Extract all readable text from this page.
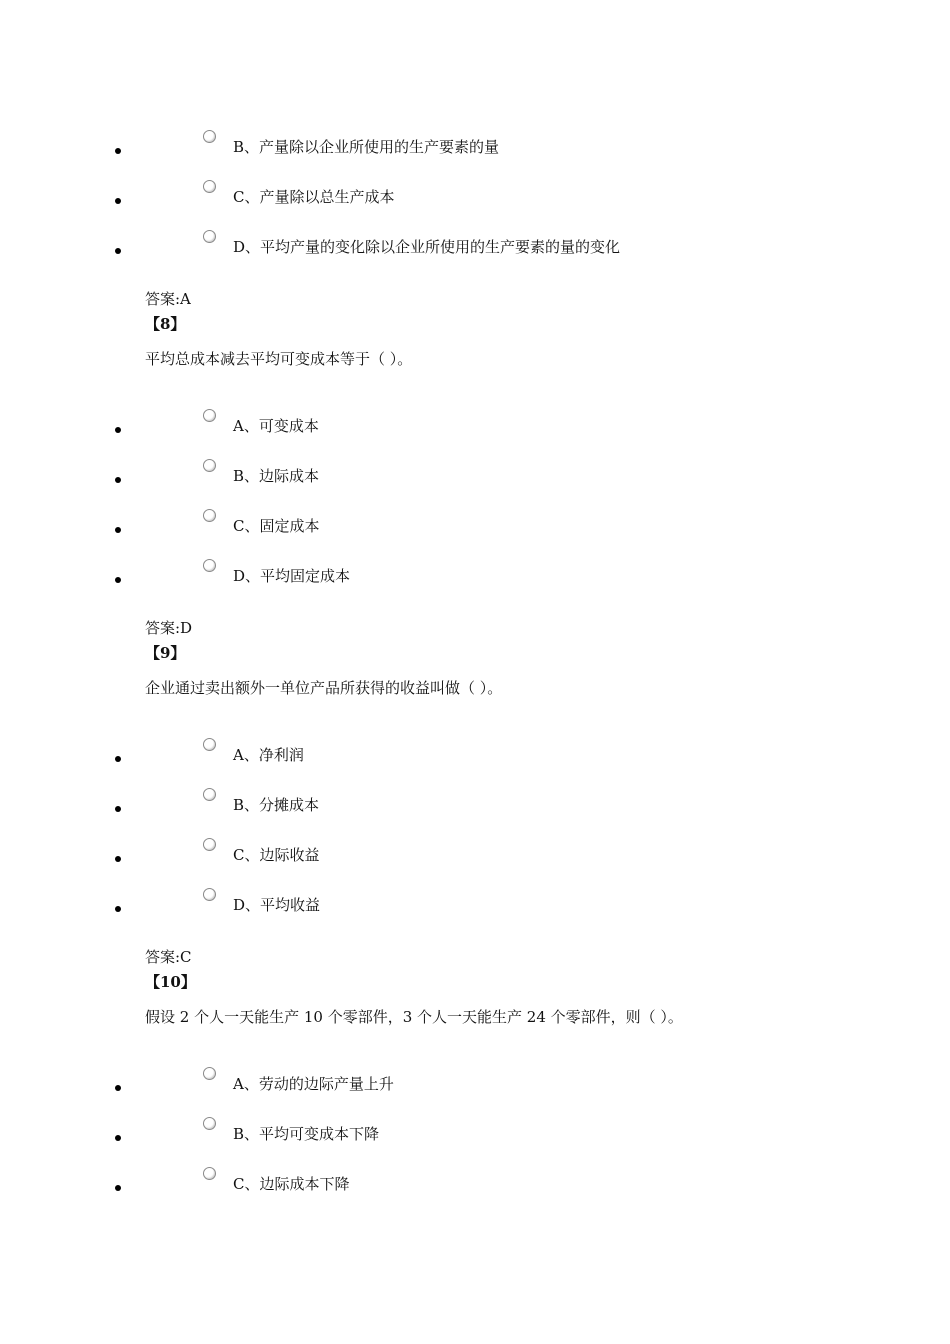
B、产量除以企业所使用的生产要素的量
C、产量除以总生产成本
D、平均产量的变化除以企业所使用的生产要素的量的变化
答案:A
【8】
平均总成本减去平均可变成本等于（ ）。
A、可变成本
B、边际成本
C、固定成本
D、平均固定成本
答案:D
【9】
企业通过卖出额外一单位产品所获得的收益叫做（ ）。
A、净利润
B、分摊成本
C、边际收益
D、平均收益
答案:C
【10】
假设 2 个人一天能生产 10 个零部件，3 个人一天能生产 24 个零部件，则（ ）。
A、劳动的边际产量上升
B、平均可变成本下降
C、边际成本下降
